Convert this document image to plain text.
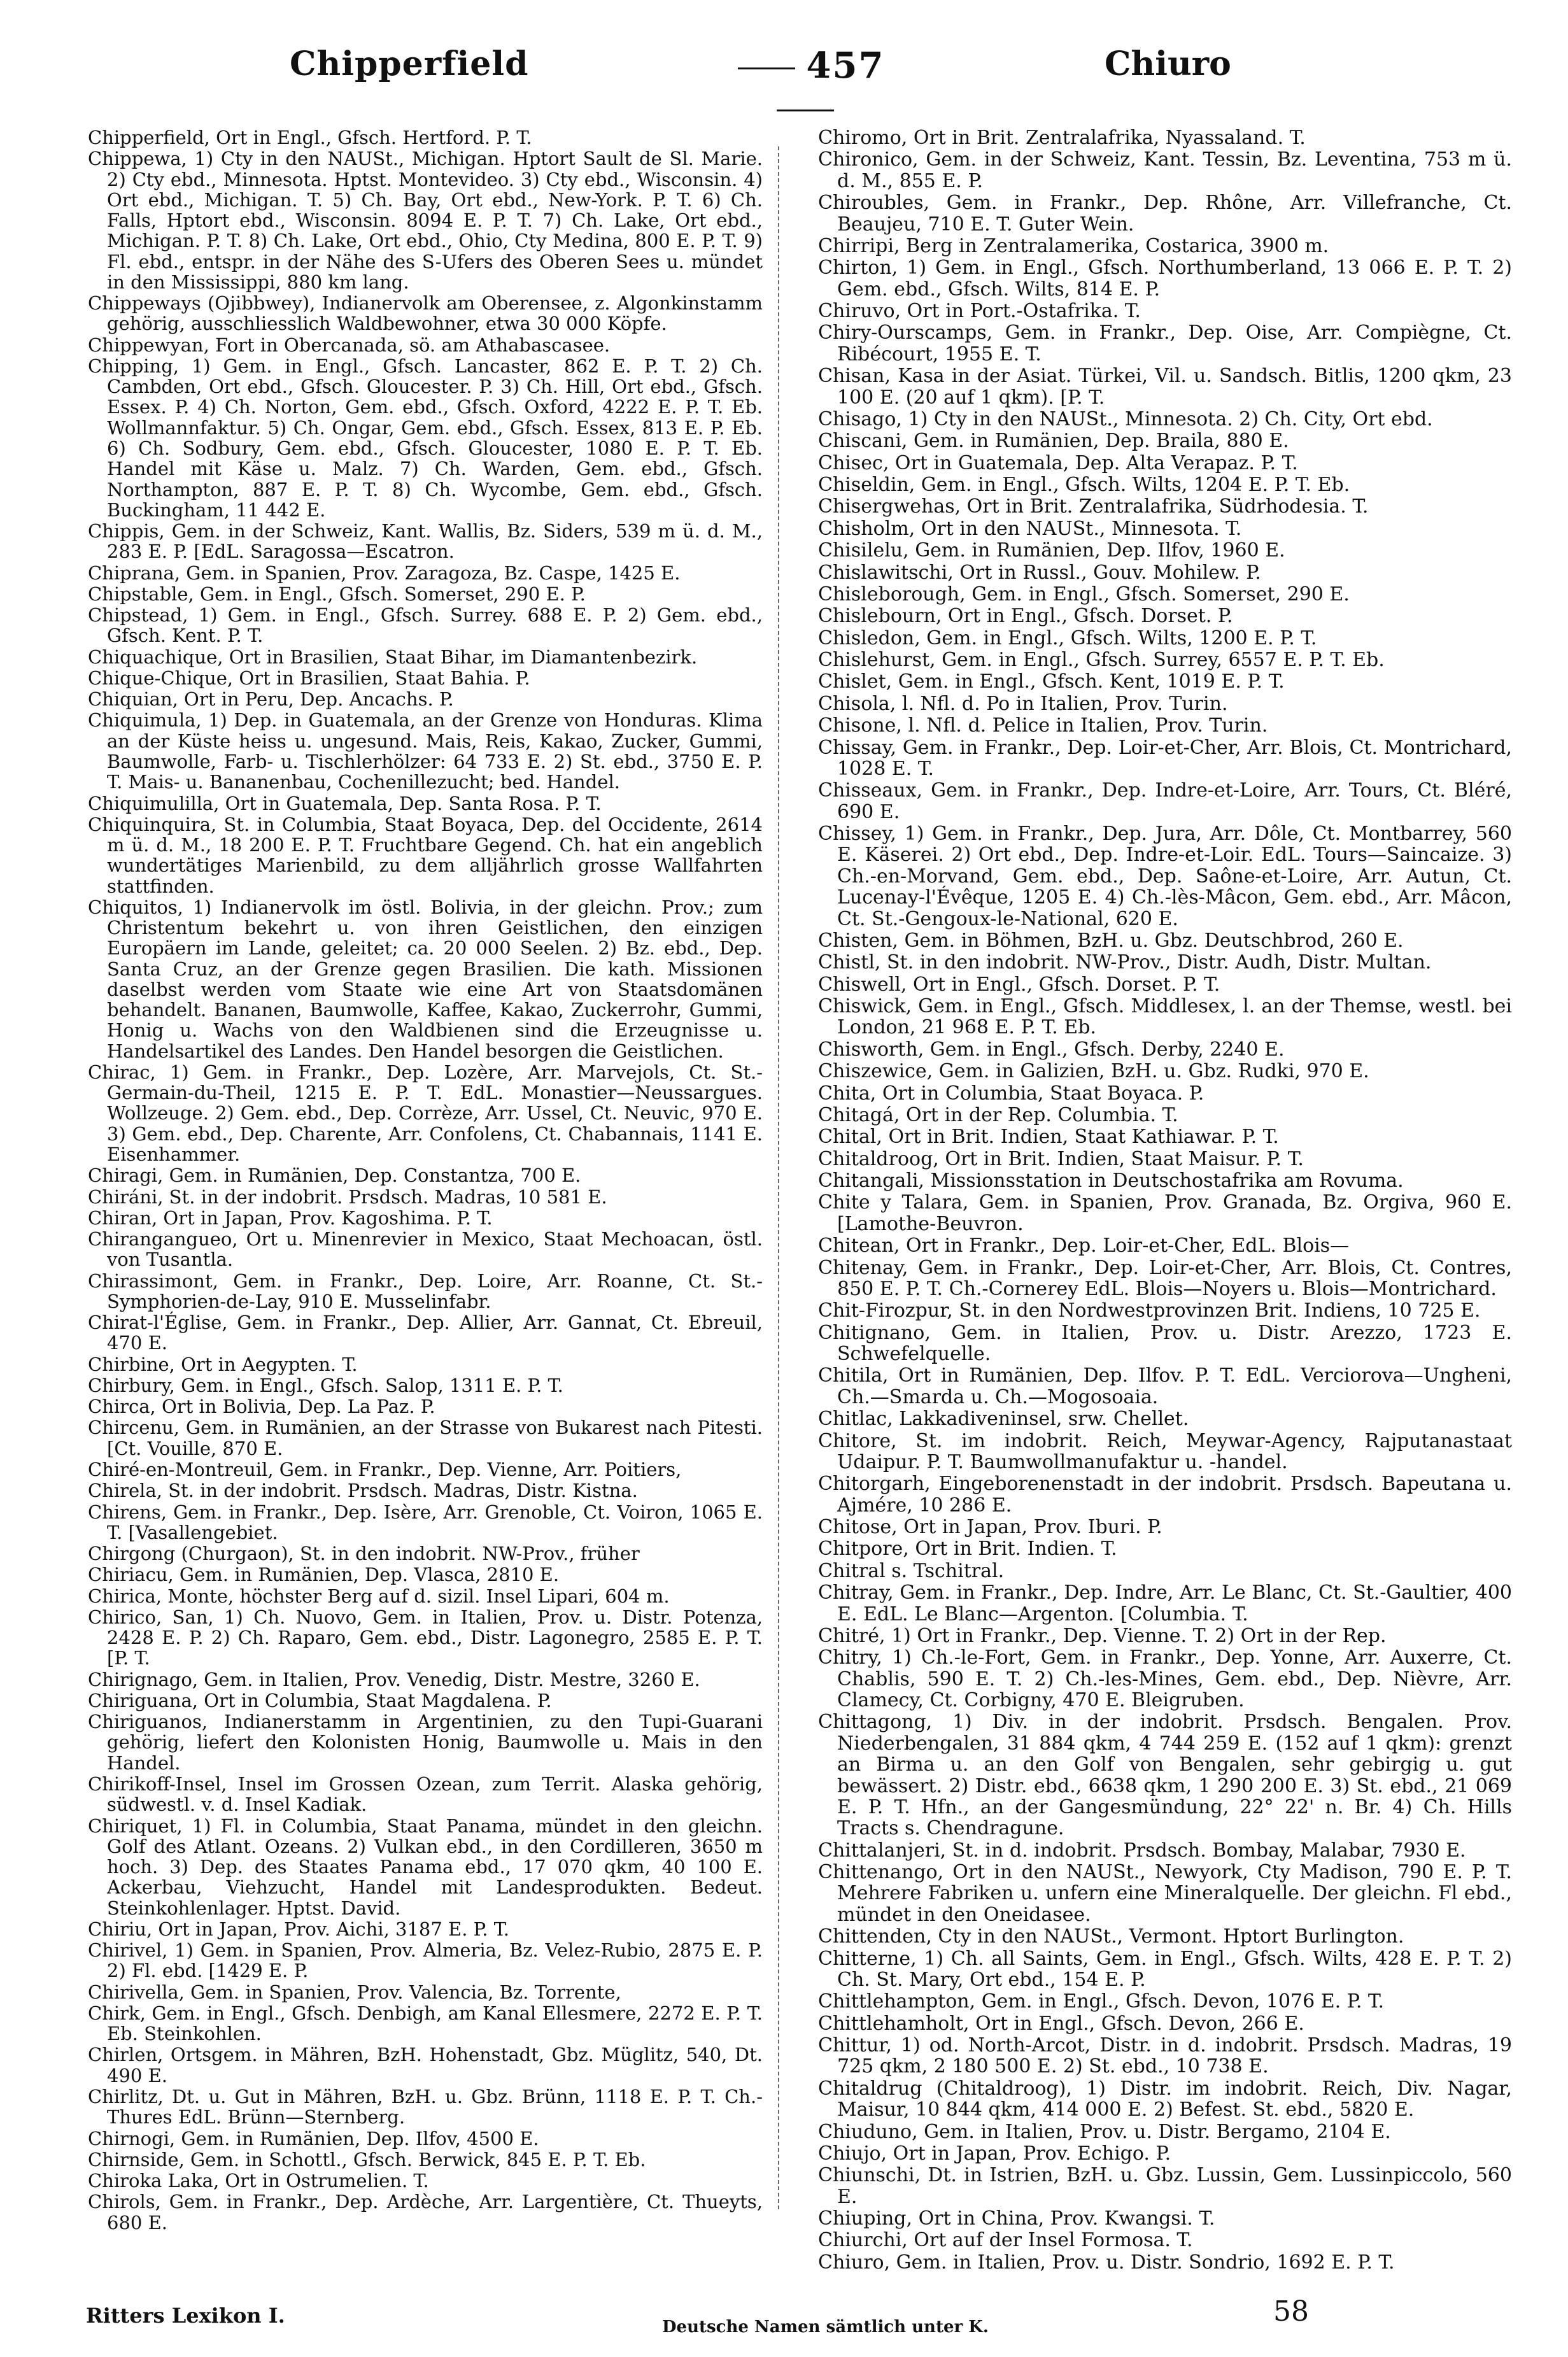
Chipperfield	457	Chiuro
Chipperfield, Ort in Engl., Gfsch. Hertford. P. T.
Chippewa, 1) Cty in den NAUSt., Michigan. Hptort Sault de Sl. Marie. 2) Cty ebd., Minnesota. Hptst. Montevideo. 3) Cty ebd., Wisconsin. 4) Ort ebd., Michigan. T. 5) Ch. Bay, Ort ebd., New-York. P. T. 6) Ch. Falls, Hptort ebd., Wisconsin. 8094 E. P. T. 7) Ch. Lake, Ort ebd., Michigan. P. T. 8) Ch. Lake, Ort ebd., Ohio, Cty Medina, 800 E. P. T. 9) Fl. ebd., entspr. in der Nähe des S-Ufers des Oberen Sees u. mündet in den Mississippi, 880 km lang.
Chippeways (Ojibbwey), Indianervolk am Oberensee, z. Algonkinstamm gehörig, ausschliesslich Waldbewohner, etwa 30 000 Köpfe.
Chippewyan, Fort in Obercanada, sö. am Athabascasee.
Chipping, 1) Gem. in Engl., Gfsch. Lancaster, 862 E. P. T. 2) Ch. Cambden, Ort ebd., Gfsch. Gloucester. P. 3) Ch. Hill, Ort ebd., Gfsch. Essex. P. 4) Ch. Norton, Gem. ebd., Gfsch. Oxford, 4222 E. P. T. Eb. Wollmannfaktur. 5) Ch. Ongar, Gem. ebd., Gfsch. Essex, 813 E. P. Eb. 6) Ch. Sodbury, Gem. ebd., Gfsch. Gloucester, 1080 E. P. T. Eb. Handel mit Käse u. Malz. 7) Ch. Warden, Gem. ebd., Gfsch. Northampton, 887 E. P. T. 8) Ch. Wycombe, Gem. ebd., Gfsch. Buckingham, 11 442 E.
Chippis, Gem. in der Schweiz, Kant. Wallis, Bz. Siders, 539 m ü. d. M., 283 E. P. [EdL. Saragossa—Escatron.
Chiprana, Gem. in Spanien, Prov. Zaragoza, Bz. Caspe, 1425 E.
Chipstable, Gem. in Engl., Gfsch. Somerset, 290 E. P.
Chipstead, 1) Gem. in Engl., Gfsch. Surrey. 688 E. P. 2) Gem. ebd., Gfsch. Kent. P. T.
Chiquachique, Ort in Brasilien, Staat Bihar, im Diamantenbezirk.
Chique-Chique, Ort in Brasilien, Staat Bahia. P.
Chiquian, Ort in Peru, Dep. Ancachs. P.
Chiquimula, 1) Dep. in Guatemala, an der Grenze von Honduras. Klima an der Küste heiss u. ungesund. Mais, Reis, Kakao, Zucker, Gummi, Baumwolle, Farb- u. Tischlerhölzer: 64 733 E. 2) St. ebd., 3750 E. P. T. Mais- u. Bananenbau, Cochenillezucht; bed. Handel.
Chiquimulilla, Ort in Guatemala, Dep. Santa Rosa. P. T.
Chiquinquira, St. in Columbia, Staat Boyaca, Dep. del Occidente, 2614 m ü. d. M., 18 200 E. P. T. Fruchtbare Gegend. Ch. hat ein angeblich wundertätiges Marienbild, zu dem alljährlich grosse Wallfahrten stattfinden.
Chiquitos, 1) Indianervolk im östl. Bolivia, in der gleichn. Prov.; zum Christentum bekehrt u. von ihren Geistlichen, den einzigen Europäern im Lande, geleitet; ca. 20 000 Seelen. 2) Bz. ebd., Dep. Santa Cruz, an der Grenze gegen Brasilien. Die kath. Missionen daselbst werden vom Staate wie eine Art von Staatsdomänen behandelt. Bananen, Baumwolle, Kaffee, Kakao, Zuckerrohr, Gummi, Honig u. Wachs von den Waldbienen sind die Erzeugnisse u. Handelsartikel des Landes. Den Handel besorgen die Geistlichen.
Chirac, 1) Gem. in Frankr., Dep. Lozère, Arr. Marvejols, Ct. St.-Germain-du-Theil, 1215 E. P. T. EdL. Monastier—Neussargues. Wollzeuge. 2) Gem. ebd., Dep. Corrèze, Arr. Ussel, Ct. Neuvic, 970 E. 3) Gem. ebd., Dep. Charente, Arr. Confolens, Ct. Chabannais, 1141 E. Eisenhammer.
Chiragi, Gem. in Rumänien, Dep. Constantza, 700 E.
Chiráni, St. in der indobrit. Prsdsch. Madras, 10 581 E.
Chiran, Ort in Japan, Prov. Kagoshima. P. T.
Chirangangueo, Ort u. Minenrevier in Mexico, Staat Mechoacan, östl. von Tusantla.
Chirassimont, Gem. in Frankr., Dep. Loire, Arr. Roanne, Ct. St.-Symphorien-de-Lay, 910 E. Musselinfabr.
Chirat-l'Église, Gem. in Frankr., Dep. Allier, Arr. Gannat, Ct. Ebreuil, 470 E.
Chirbine, Ort in Aegypten. T.
Chirbury, Gem. in Engl., Gfsch. Salop, 1311 E. P. T.
Chirca, Ort in Bolivia, Dep. La Paz. P.
Chircenu, Gem. in Rumänien, an der Strasse von Bukarest nach Pitesti. [Ct. Vouille, 870 E.
Chiré-en-Montreuil, Gem. in Frankr., Dep. Vienne, Arr. Poitiers,
Chirela, St. in der indobrit. Prsdsch. Madras, Distr. Kistna.
Chirens, Gem. in Frankr., Dep. Isère, Arr. Grenoble, Ct. Voiron, 1065 E. T. [Vasallengebiet.
Chirgong (Churgaon), St. in den indobrit. NW-Prov., früher
Chiriacu, Gem. in Rumänien, Dep. Vlasca, 2810 E.
Chirica, Monte, höchster Berg auf d. sizil. Insel Lipari, 604 m.
Chirico, San, 1) Ch. Nuovo, Gem. in Italien, Prov. u. Distr. Potenza, 2428 E. P. 2) Ch. Raparo, Gem. ebd., Distr. Lagonegro, 2585 E. P. T. [P. T.
Chirignago, Gem. in Italien, Prov. Venedig, Distr. Mestre, 3260 E.
Chiriguana, Ort in Columbia, Staat Magdalena. P.
Chiriguanos, Indianerstamm in Argentinien, zu den Tupi-Guarani gehörig, liefert den Kolonisten Honig, Baumwolle u. Mais in den Handel.
Chirikoff-Insel, Insel im Grossen Ozean, zum Territ. Alaska gehörig, südwestl. v. d. Insel Kadiak.
Chiriquet, 1) Fl. in Columbia, Staat Panama, mündet in den gleichn. Golf des Atlant. Ozeans. 2) Vulkan ebd., in den Cordilleren, 3650 m hoch. 3) Dep. des Staates Panama ebd., 17 070 qkm, 40 100 E. Ackerbau, Viehzucht, Handel mit Landesprodukten. Bedeut. Steinkohlenlager. Hptst. David.
Chiriu, Ort in Japan, Prov. Aichi, 3187 E. P. T.
Chirivel, 1) Gem. in Spanien, Prov. Almeria, Bz. Velez-Rubio, 2875 E. P. 2) Fl. ebd. [1429 E. P.
Chirivella, Gem. in Spanien, Prov. Valencia, Bz. Torrente,
Chirk, Gem. in Engl., Gfsch. Denbigh, am Kanal Ellesmere, 2272 E. P. T. Eb. Steinkohlen.
Chirlen, Ortsgem. in Mähren, BzH. Hohenstadt, Gbz. Müglitz, 540, Dt. 490 E.
Chirlitz, Dt. u. Gut in Mähren, BzH. u. Gbz. Brünn, 1118 E. P. T. Ch.-Thures EdL. Brünn—Sternberg.
Chirnogi, Gem. in Rumänien, Dep. Ilfov, 4500 E.
Chirnside, Gem. in Schottl., Gfsch. Berwick, 845 E. P. T. Eb.
Chiroka Laka, Ort in Ostrumelien. T.
Chirols, Gem. in Frankr., Dep. Ardèche, Arr. Largentière, Ct. Thueyts, 680 E.
Chiromo, Ort in Brit. Zentralafrika, Nyassaland. T.
Chironico, Gem. in der Schweiz, Kant. Tessin, Bz. Leventina, 753 m ü. d. M., 855 E. P.
Chiroubles, Gem. in Frankr., Dep. Rhône, Arr. Villefranche, Ct. Beaujeu, 710 E. T. Guter Wein.
Chirripi, Berg in Zentralamerika, Costarica, 3900 m.
Chirton, 1) Gem. in Engl., Gfsch. Northumberland, 13 066 E. P. T. 2) Gem. ebd., Gfsch. Wilts, 814 E. P.
Chiruvo, Ort in Port.-Ostafrika. T.
Chiry-Ourscamps, Gem. in Frankr., Dep. Oise, Arr. Compiègne, Ct. Ribécourt, 1955 E. T.
Chisan, Kasa in der Asiat. Türkei, Vil. u. Sandsch. Bitlis, 1200 qkm, 23 100 E. (20 auf 1 qkm). [P. T.
Chisago, 1) Cty in den NAUSt., Minnesota. 2) Ch. City, Ort ebd.
Chiscani, Gem. in Rumänien, Dep. Braila, 880 E.
Chisec, Ort in Guatemala, Dep. Alta Verapaz. P. T.
Chiseldin, Gem. in Engl., Gfsch. Wilts, 1204 E. P. T. Eb.
Chisergwehas, Ort in Brit. Zentralafrika, Südrhodesia. T.
Chisholm, Ort in den NAUSt., Minnesota. T.
Chisilelu, Gem. in Rumänien, Dep. Ilfov, 1960 E.
Chislawitschi, Ort in Russl., Gouv. Mohilew. P.
Chisleborough, Gem. in Engl., Gfsch. Somerset, 290 E.
Chislebourn, Ort in Engl., Gfsch. Dorset. P.
Chisledon, Gem. in Engl., Gfsch. Wilts, 1200 E. P. T.
Chislehurst, Gem. in Engl., Gfsch. Surrey, 6557 E. P. T. Eb.
Chislet, Gem. in Engl., Gfsch. Kent, 1019 E. P. T.
Chisola, l. Nfl. d. Po in Italien, Prov. Turin.
Chisone, l. Nfl. d. Pelice in Italien, Prov. Turin.
Chissay, Gem. in Frankr., Dep. Loir-et-Cher, Arr. Blois, Ct. Montrichard, 1028 E. T.
Chisseaux, Gem. in Frankr., Dep. Indre-et-Loire, Arr. Tours, Ct. Bléré, 690 E.
Chissey, 1) Gem. in Frankr., Dep. Jura, Arr. Dôle, Ct. Montbarrey, 560 E. Käserei. 2) Ort ebd., Dep. Indre-et-Loir. EdL. Tours—Saincaize. 3) Ch.-en-Morvand, Gem. ebd., Dep. Saône-et-Loire, Arr. Autun, Ct. Lucenay-l'Évêque, 1205 E. 4) Ch.-lès-Mâcon, Gem. ebd., Arr. Mâcon, Ct. St.-Gengoux-le-National, 620 E.
Chisten, Gem. in Böhmen, BzH. u. Gbz. Deutschbrod, 260 E.
Chistl, St. in den indobrit. NW-Prov., Distr. Audh, Distr. Multan.
Chiswell, Ort in Engl., Gfsch. Dorset. P. T.
Chiswick, Gem. in Engl., Gfsch. Middlesex, l. an der Themse, westl. bei London, 21 968 E. P. T. Eb.
Chisworth, Gem. in Engl., Gfsch. Derby, 2240 E.
Chiszewice, Gem. in Galizien, BzH. u. Gbz. Rudki, 970 E.
Chita, Ort in Columbia, Staat Boyaca. P.
Chitagá, Ort in der Rep. Columbia. T.
Chital, Ort in Brit. Indien, Staat Kathiawar. P. T.
Chitaldroog, Ort in Brit. Indien, Staat Maisur. P. T.
Chitangali, Missionsstation in Deutschostafrika am Rovuma.
Chite y Talara, Gem. in Spanien, Prov. Granada, Bz. Orgiva, 960 E. [Lamothe-Beuvron.
Chitean, Ort in Frankr., Dep. Loir-et-Cher, EdL. Blois—
Chitenay, Gem. in Frankr., Dep. Loir-et-Cher, Arr. Blois, Ct. Contres, 850 E. P. T. Ch.-Cornerey EdL. Blois—Noyers u. Blois—Montrichard.
Chit-Firozpur, St. in den Nordwestprovinzen Brit. Indiens, 10 725 E.
Chitignano, Gem. in Italien, Prov. u. Distr. Arezzo, 1723 E. Schwefelquelle.
Chitila, Ort in Rumänien, Dep. Ilfov. P. T. EdL. Verciorova—Ungheni, Ch.—Smarda u. Ch.—Mogosoaia.
Chitlac, Lakkadiveninsel, srw. Chellet.
Chitore, St. im indobrit. Reich, Meywar-Agency, Rajputanastaat Udaipur. P. T. Baumwollmanufaktur u. -handel.
Chitorgarh, Eingeborenenstadt in der indobrit. Prsdsch. Bapeutana u. Ajmére, 10 286 E.
Chitose, Ort in Japan, Prov. Iburi. P.
Chitpore, Ort in Brit. Indien. T.
Chitral s. Tschitral.
Chitray, Gem. in Frankr., Dep. Indre, Arr. Le Blanc, Ct. St.-Gaultier, 400 E. EdL. Le Blanc—Argenton. [Columbia. T.
Chitré, 1) Ort in Frankr., Dep. Vienne. T. 2) Ort in der Rep.
Chitry, 1) Ch.-le-Fort, Gem. in Frankr., Dep. Yonne, Arr. Auxerre, Ct. Chablis, 590 E. T. 2) Ch.-les-Mines, Gem. ebd., Dep. Nièvre, Arr. Clamecy, Ct. Corbigny, 470 E. Bleigruben.
Chittagong, 1) Div. in der indobrit. Prsdsch. Bengalen. Prov. Niederbengalen, 31 884 qkm, 4 744 259 E. (152 auf 1 qkm): grenzt an Birma u. an den Golf von Bengalen, sehr gebirgig u. gut bewässert. 2) Distr. ebd., 6638 qkm, 1 290 200 E. 3) St. ebd., 21 069 E. P. T. Hfn., an der Gangesmündung, 22° 22' n. Br. 4) Ch. Hills Tracts s. Chendragune.
Chittalanjeri, St. in d. indobrit. Prsdsch. Bombay, Malabar, 7930 E.
Chittenango, Ort in den NAUSt., Newyork, Cty Madison, 790 E. P. T. Mehrere Fabriken u. unfern eine Mineralquelle. Der gleichn. Fl ebd., mündet in den Oneidasee.
Chittenden, Cty in den NAUSt., Vermont. Hptort Burlington.
Chitterne, 1) Ch. all Saints, Gem. in Engl., Gfsch. Wilts, 428 E. P. T. 2) Ch. St. Mary, Ort ebd., 154 E. P.
Chittlehampton, Gem. in Engl., Gfsch. Devon, 1076 E. P. T.
Chittlehamholt, Ort in Engl., Gfsch. Devon, 266 E.
Chittur, 1) od. North-Arcot, Distr. in d. indobrit. Prsdsch. Madras, 19 725 qkm, 2 180 500 E. 2) St. ebd., 10 738 E.
Chitaldrug (Chitaldroog), 1) Distr. im indobrit. Reich, Div. Nagar, Maisur, 10 844 qkm, 414 000 E. 2) Befest. St. ebd., 5820 E.
Chiuduno, Gem. in Italien, Prov. u. Distr. Bergamo, 2104 E.
Chiujo, Ort in Japan, Prov. Echigo. P.
Chiunschi, Dt. in Istrien, BzH. u. Gbz. Lussin, Gem. Lussinpiccolo, 560 E.
Chiuping, Ort in China, Prov. Kwangsi. T.
Chiurchi, Ort auf der Insel Formosa. T.
Chiuro, Gem. in Italien, Prov. u. Distr. Sondrio, 1692 E. P. T.
Ritters Lexikon I.	Deutsche Namen sämtlich unter K.	58
